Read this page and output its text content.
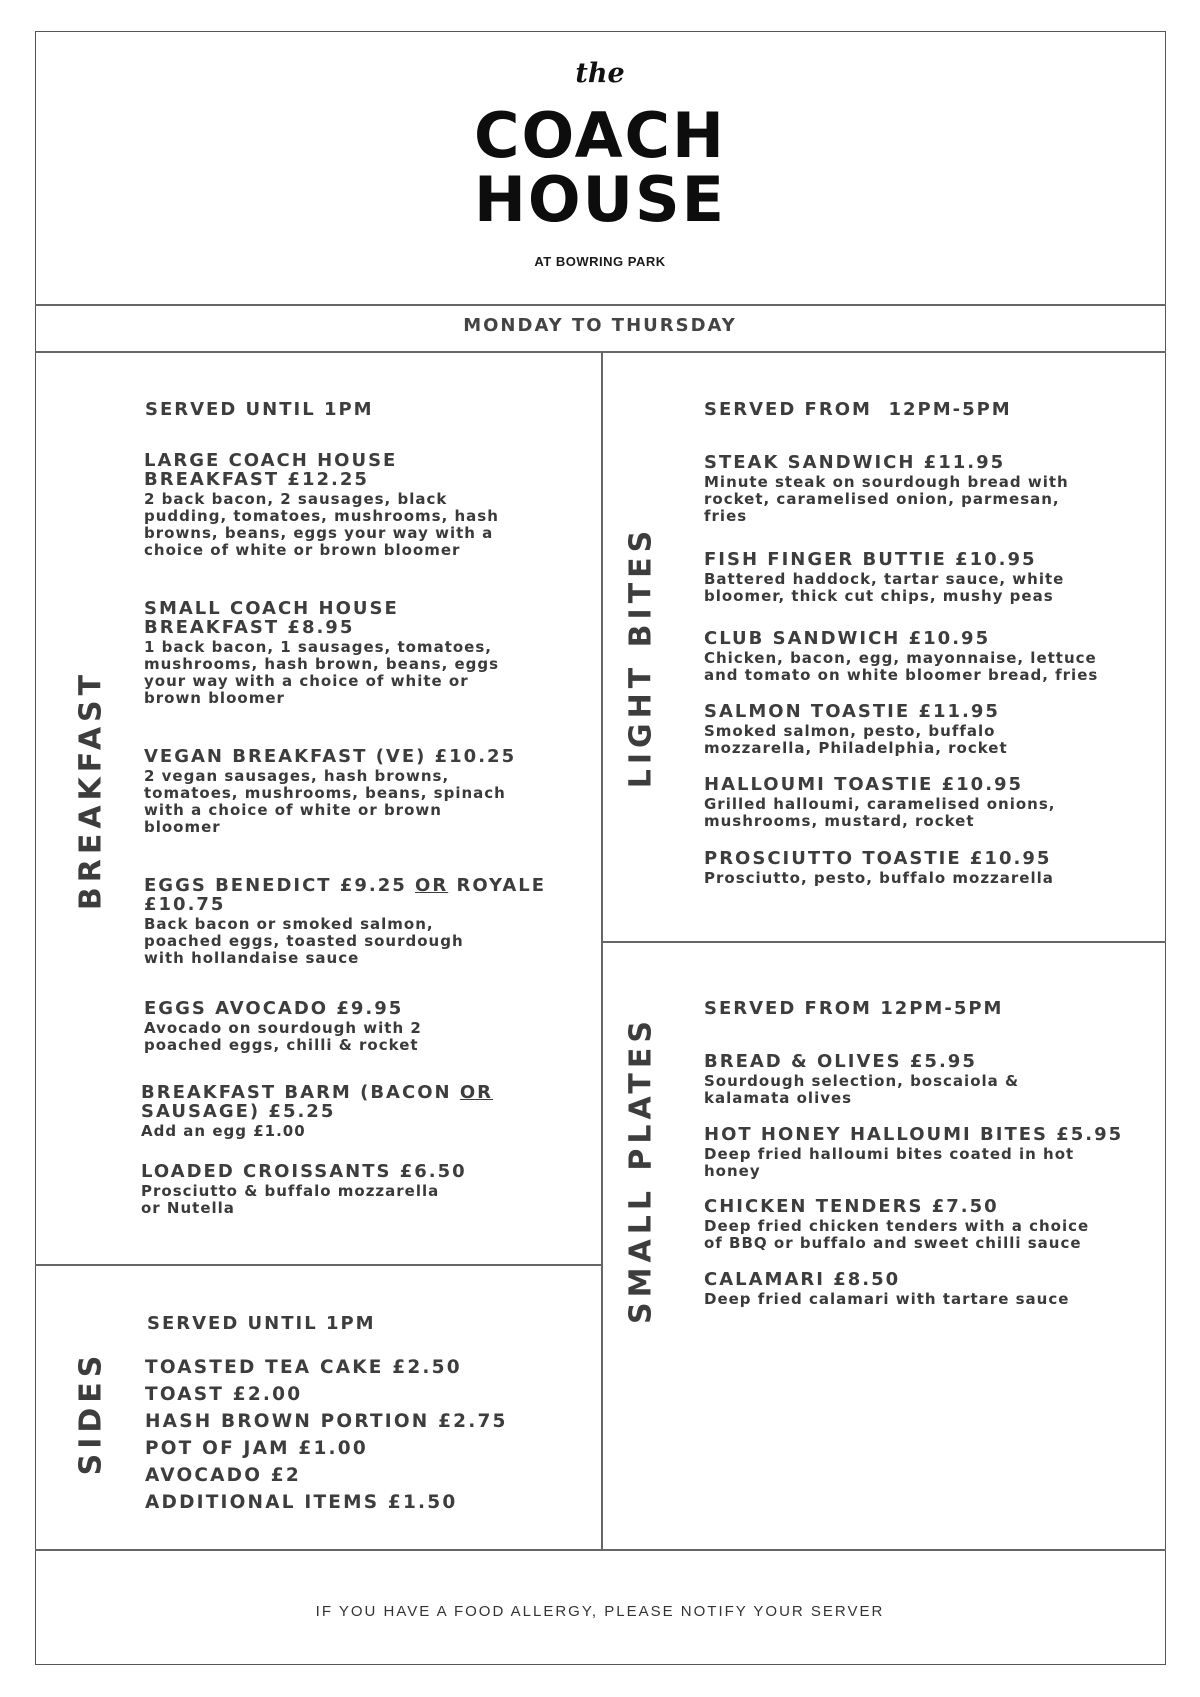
the
COACH
HOUSE
AT BOWRING PARK
MONDAY TO THURSDAY
BREAKFAST
SIDES
LIGHT BITES
SMALL PLATES
SERVED UNTIL 1PM
LARGE COACH HOUSE
BREAKFAST £12.25
2 back bacon, 2 sausages, black
pudding, tomatoes, mushrooms, hash
browns, beans, eggs your way with a
choice of white or brown bloomer
SMALL COACH HOUSE
BREAKFAST £8.95
1 back bacon, 1 sausages, tomatoes,
mushrooms, hash brown, beans, eggs
your way with a choice of white or
brown bloomer
VEGAN BREAKFAST (VE) £10.25
2 vegan sausages, hash browns,
tomatoes, mushrooms, beans, spinach
with a choice of white or brown
bloomer
EGGS BENEDICT £9.25 OR ROYALE
£10.75
Back bacon or smoked salmon,
poached eggs, toasted sourdough
with hollandaise sauce
EGGS AVOCADO £9.95
Avocado on sourdough with 2
poached eggs, chilli & rocket
BREAKFAST BARM (BACON OR
SAUSAGE) £5.25
Add an egg £1.00
LOADED CROISSANTS £6.50
Prosciutto & buffalo mozzarella
or Nutella
SERVED UNTIL 1PM
TOASTED TEA CAKE £2.50
TOAST £2.00
HASH BROWN PORTION £2.75
POT OF JAM £1.00
AVOCADO £2
ADDITIONAL ITEMS £1.50
SERVED FROM  12PM-5PM
STEAK SANDWICH £11.95
Minute steak on sourdough bread with
rocket, caramelised onion, parmesan,
fries
FISH FINGER BUTTIE £10.95
Battered haddock, tartar sauce, white
bloomer, thick cut chips, mushy peas
CLUB SANDWICH £10.95
Chicken, bacon, egg, mayonnaise, lettuce
and tomato on white bloomer bread, fries
SALMON TOASTIE £11.95
Smoked salmon, pesto, buffalo
mozzarella, Philadelphia, rocket
HALLOUMI TOASTIE £10.95
Grilled halloumi, caramelised onions,
mushrooms, mustard, rocket
PROSCIUTTO TOASTIE £10.95
Prosciutto, pesto, buffalo mozzarella
SERVED FROM 12PM-5PM
BREAD & OLIVES £5.95
Sourdough selection, boscaiola &
kalamata olives
HOT HONEY HALLOUMI BITES £5.95
Deep fried halloumi bites coated in hot
honey
CHICKEN TENDERS £7.50
Deep fried chicken tenders with a choice
of BBQ or buffalo and sweet chilli sauce
CALAMARI £8.50
Deep fried calamari with tartare sauce
IF YOU HAVE A FOOD ALLERGY, PLEASE NOTIFY YOUR SERVER
